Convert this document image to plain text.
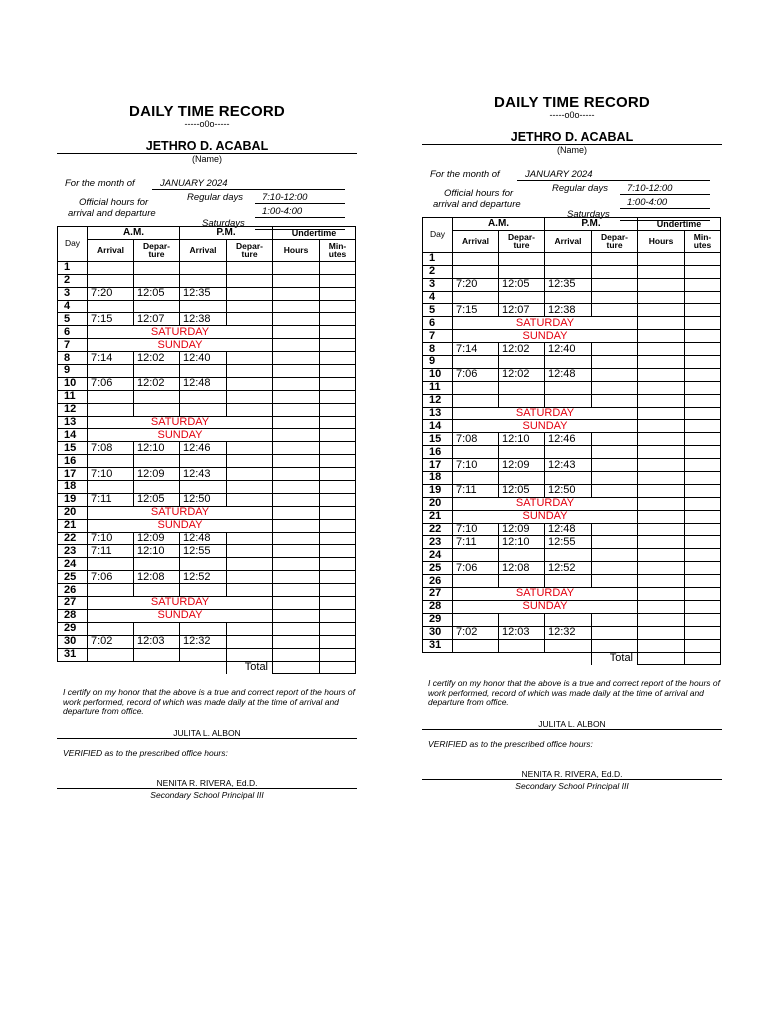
DAILY TIME RECORD
-----o0o-----
JETHRO D. ACABAL
(Name)
For the month of	JANUARY 2024
Regular days 7:10-12:00
Official hours for
arrival and departure	1:00-4:00
Saturdays
Day	A.M.		P.M.		Undertime	
	Arrival	Depar-
ture	Arrival	Depar-
ture	Hours	Min-
utes
1						
2						
3	7:20	12:05	12:35			
4						
5	7:15	12:07	12:38			
6	SATURDAY					
7	SUNDAY					
8	7:14	12:02	12:40			
9						
10	7:06	12:02	12:48			
11						
12						
13	SATURDAY					
14	SUNDAY					
15	7:08	12:10	12:46			
16						
17	7:10	12:09	12:43			
18						
19	7:11	12:05	12:50			
20	SATURDAY					
21	SUNDAY					
22	7:10	12:09	12:48			
23	7:11	12:10	12:55			
24						
25	7:06	12:08	12:52			
26						
27	SATURDAY					
28	SUNDAY					
29						
30	7:02	12:03	12:32			
31						
				Total		
I certify on my honor that the above is a true and correct report of the hours of work performed, record of which was made daily at the time of arrival and departure from office.
JULITA L. ALBON
VERIFIED as to the prescribed office hours:
NENITA R. RIVERA, Ed.D.
Secondary School Principal III
DAILY TIME RECORD
-----o0o-----
JETHRO D. ACABAL
(Name)
For the month of	JANUARY 2024
Regular days 7:10-12:00
Official hours for
arrival and departure	1:00-4:00
Saturdays
Day	A.M.		P.M.		Undertime	
	Arrival	Depar-
ture	Arrival	Depar-
ture	Hours	Min-
utes
1						
2						
3	7:20	12:05	12:35			
4						
5	7:15	12:07	12:38			
6	SATURDAY					
7	SUNDAY					
8	7:14	12:02	12:40			
9						
10	7:06	12:02	12:48			
11						
12						
13	SATURDAY					
14	SUNDAY					
15	7:08	12:10	12:46			
16						
17	7:10	12:09	12:43			
18						
19	7:11	12:05	12:50			
20	SATURDAY					
21	SUNDAY					
22	7:10	12:09	12:48			
23	7:11	12:10	12:55			
24						
25	7:06	12:08	12:52			
26						
27	SATURDAY					
28	SUNDAY					
29						
30	7:02	12:03	12:32			
31						
				Total		
I certify on my honor that the above is a true and correct report of the hours of work performed, record of which was made daily at the time of arrival and departure from office.
JULITA L. ALBON
VERIFIED as to the prescribed office hours:
NENITA R. RIVERA, Ed.D.
Secondary School Principal III
